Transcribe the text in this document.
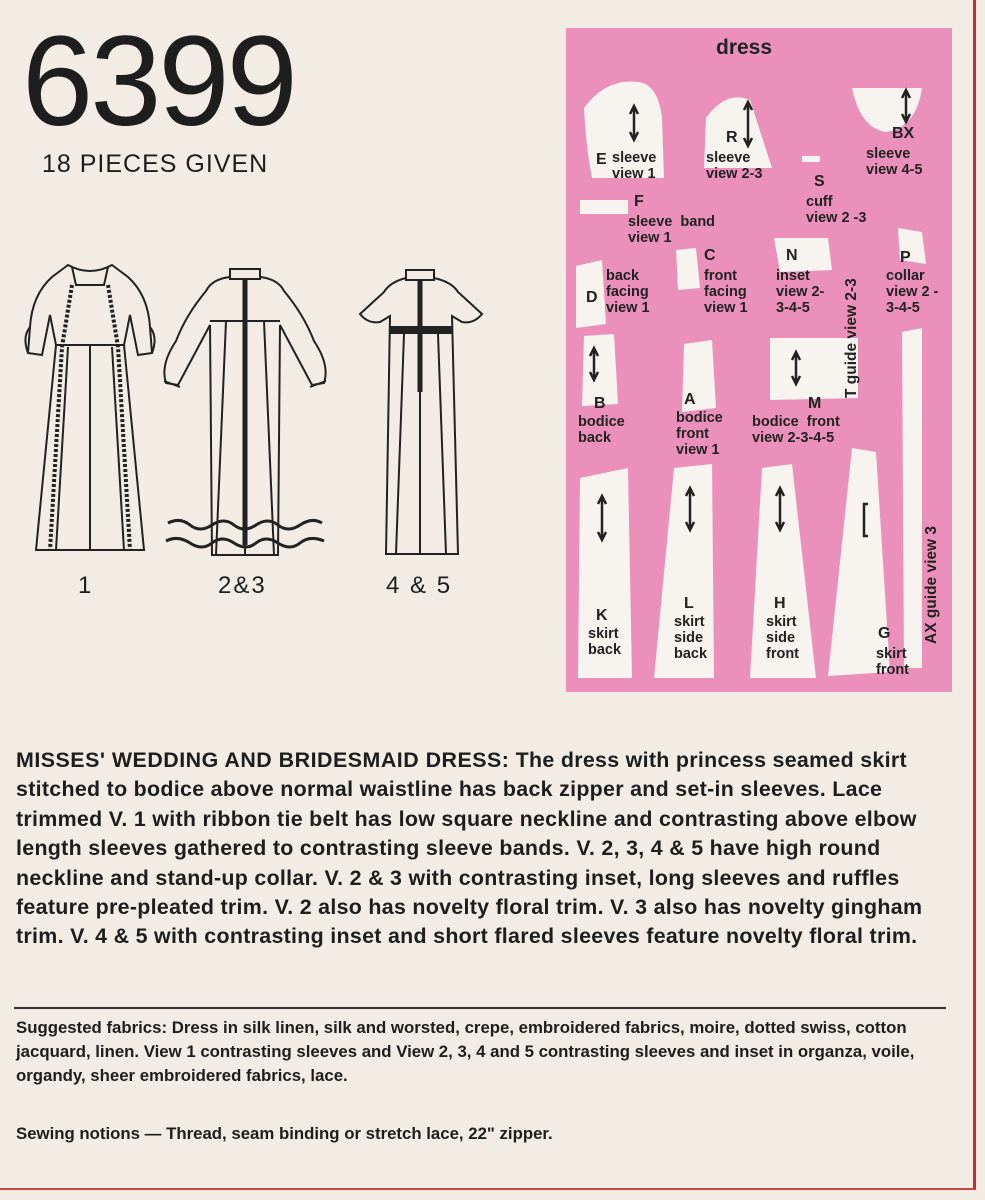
6399
18 PIECES GIVEN
1	2&3	4 & 5
dress
E sleeve
view 1
R
sleeve
view 2-3
BX
sleeve
view 4-5
S
cuff
view 2 -3
F
sleeve  band
view 1
D
back
facing
view 1
C
front
facing
view 1
N
inset
view 2-
3-4-5
P
collar
view 2 -
3-4-5
B
bodice
back
A
bodice
front
view 1
M
bodice  front
view 2-3-4-5
K
skirt
back
L
skirt
side
back
H
skirt
side
front
G
skirt
front
T guide view 2-3
AX guide view 3
MISSES' WEDDING AND BRIDESMAID DRESS: The dress with princess seamed skirt stitched to bodice above normal waistline has back zipper and set-in sleeves. Lace trimmed V. 1 with ribbon tie belt has low square neckline and contrasting above elbow length sleeves gathered to contrasting sleeve bands. V. 2, 3, 4 & 5 have high round neckline and stand-up collar. V. 2 & 3 with contrasting inset, long sleeves and ruffles feature pre-pleated trim. V. 2 also has novelty floral trim. V. 3 also has novelty gingham trim. V. 4 & 5 with contrasting inset and short flared sleeves feature novelty floral trim.
Suggested fabrics: Dress in silk linen, silk and worsted, crepe, embroidered fabrics, moire, dotted swiss, cotton jacquard, linen. View 1 contrasting sleeves and View 2, 3, 4 and 5 contrasting sleeves and inset in organza, voile, organdy, sheer embroidered fabrics, lace.
Sewing notions — Thread, seam binding or stretch lace, 22" zipper.
